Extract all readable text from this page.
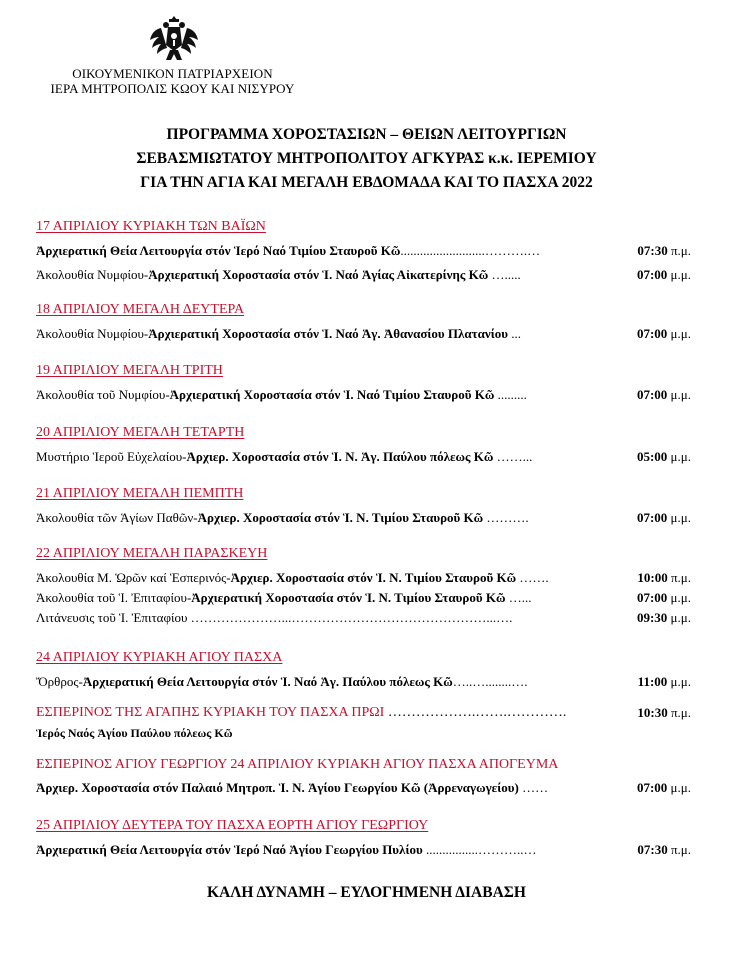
ΟΙΚΟΥΜΕΝΙΚΟΝ ΠΑΤΡΙΑΡΧΕΙΟΝ
ΙΕΡΑ ΜΗΤΡΟΠΟΛΙΣ ΚΩΟΥ ΚΑΙ ΝΙΣΥΡΟΥ
ΠΡΟΓΡΑΜΜΑ ΧΟΡΟΣΤΑΣΙΩΝ – ΘΕΙΩΝ ΛΕΙΤΟΥΡΓΙΩΝ
ΣΕΒΑΣΜΙΩΤΑΤΟΥ ΜΗΤΡΟΠΟΛΙΤΟΥ ΑΓΚΥΡΑΣ κ.κ. ΙΕΡΕΜΙΟΥ
ΓΙΑ ΤΗΝ ΑΓΙΑ ΚΑΙ ΜΕΓΑΛΗ ΕΒΔΟΜΑΔΑ ΚΑΙ ΤΟ ΠΑΣΧΑ 2022
17 ΑΠΡΙΛΙΟΥ ΚΥΡΙΑΚΗ ΤΩΝ ΒΑΪΩΝ
Ἀρχιερατική Θεία Λειτουργία στόν Ἱερό Ναό Τιμίου Σταυροῦ Κῶ..........................……….…	07:30 π.μ.
Ἀκολουθία Νυμφίου-Ἀρχιερατική Χοροστασία στόν Ἱ. Ναό Ἁγίας Αἰκατερίνης Κῶ ….....	07:00 μ.μ.
18 ΑΠΡΙΛΙΟΥ ΜΕΓΑΛΗ ΔΕΥΤΕΡΑ
Ἀκολουθία Νυμφίου-Ἀρχιερατική Χοροστασία στόν Ἱ. Ναό Ἁγ. Ἀθανασίου Πλατανίου ...	07:00 μ.μ.
19 ΑΠΡΙΛΙΟΥ ΜΕΓΑΛΗ ΤΡΙΤΗ
Ἀκολουθία τοῦ Νυμφίου-Ἀρχιερατική Χοροστασία στόν Ἱ. Ναό Τιμίου Σταυροῦ Κῶ .........	07:00 μ.μ.
20 ΑΠΡΙΛΙΟΥ ΜΕΓΑΛΗ ΤΕΤΑΡΤΗ
Μυστήριο Ἱεροῦ Εὐχελαίου-Ἀρχιερ. Χοροστασία στόν Ἱ. Ν. Ἁγ. Παύλου πόλεως Κῶ ……...	05:00 μ.μ.
21 ΑΠΡΙΛΙΟΥ ΜΕΓΑΛΗ ΠΕΜΠΤΗ
Ἀκολουθία τῶν Ἁγίων Παθῶν-Ἀρχιερ. Χοροστασία στόν Ἱ. Ν. Τιμίου Σταυροῦ Κῶ ……….	07:00 μ.μ.
22 ΑΠΡΙΛΙΟΥ ΜΕΓΑΛΗ ΠΑΡΑΣΚΕΥΗ
Ἀκολουθία Μ. Ὡρῶν καί Ἑσπερινός-Ἀρχιερ. Χοροστασία στόν Ἱ. Ν. Τιμίου Σταυροῦ Κῶ …….	10:00 π.μ.
Ἀκολουθία τοῦ Ἱ. Ἐπιταφίου-Ἀρχιερατική Χοροστασία στόν Ἱ. Ν. Τιμίου Σταυροῦ Κῶ …...	07:00 μ.μ.
Λιτάνευσις τοῦ Ἱ. Ἐπιταφίου …………………...………………………………………...….	09:30 μ.μ.
24 ΑΠΡΙΛΙΟΥ ΚΥΡΙΑΚΗ ΑΓΙΟΥ ΠΑΣΧΑ
Ὄρθρος-Ἀρχιερατική Θεία Λειτουργία στόν Ἱ. Ναό Ἁγ. Παύλου πόλεως Κῶ…..…........….	11:00 μ.μ.
ΕΣΠΕΡΙΝΟΣ ΤΗΣ ΑΓΑΠΗΣ ΚΥΡΙΑΚΗ ΤΟΥ ΠΑΣΧΑ ΠΡΩΙ ……………….…….………….	10:30 π.μ.
Ἱερός Ναός Ἁγίου Παύλου πόλεως Κῶ
ΕΣΠΕΡΙΝΟΣ ΑΓΙΟΥ ΓΕΩΡΓΙΟΥ 24 ΑΠΡΙΛΙΟΥ ΚΥΡΙΑΚΗ ΑΓΙΟΥ ΠΑΣΧΑ ΑΠΟΓΕΥΜΑ
Ἀρχιερ. Χοροστασία στόν Παλαιό Μητροπ. Ἱ. Ν. Ἁγίου Γεωργίου Κῶ (Ἀρρεναγωγείου) ……	07:00 μ.μ.
25 ΑΠΡΙΛΙΟΥ ΔΕΥΤΕΡΑ ΤΟΥ ΠΑΣΧΑ ΕΟΡΤΗ ΑΓΙΟΥ ΓΕΩΡΓΙΟΥ
Ἀρχιερατική Θεία Λειτουργία στόν Ἱερό Ναό Ἁγίου Γεωργίου Πυλίου ................………..…	07:30 π.μ.
ΚΑΛΗ ΔΥΝΑΜΗ – ΕΥΛΟΓΗΜΕΝΗ ΔΙΑΒΑΣΗ
